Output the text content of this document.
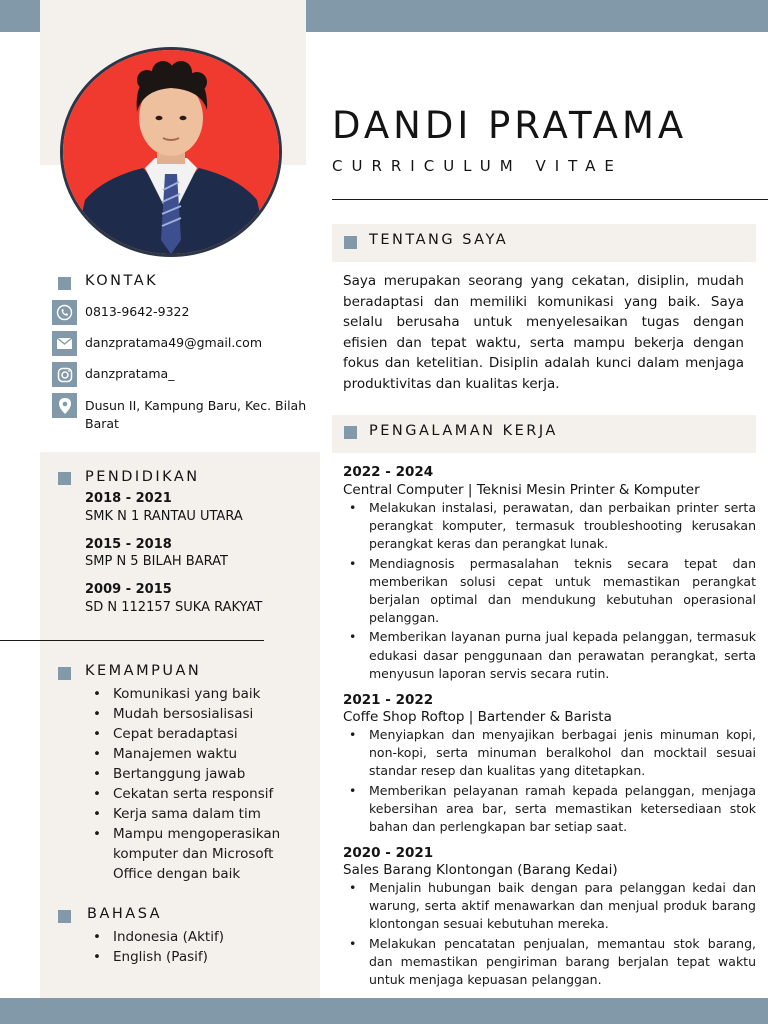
DANDI PRATAMA
CURRICULUM VITAE
KONTAK
0813-9642-9322
danzpratama49@gmail.com
danzpratama_
Dusun II, Kampung Baru, Kec. Bilah Barat
PENDIDIKAN
2018 - 2021
SMK N 1 RANTAU UTARA
2015 - 2018
SMP N 5 BILAH BARAT
2009 - 2015
SD N 112157 SUKA RAKYAT
KEMAMPUAN
• Komunikasi yang baik
• Mudah bersosialisasi
• Cepat beradaptasi
• Manajemen waktu
• Bertanggung jawab
• Cekatan serta responsif
• Kerja sama dalam tim
• Mampu mengoperasikan komputer dan Microsoft Office dengan baik
BAHASA
• Indonesia (Aktif)
• English (Pasif)
TENTANG SAYA
Saya merupakan seorang yang cekatan, disiplin, mudah beradaptasi dan memiliki komunikasi yang baik. Saya selalu berusaha untuk menyelesaikan tugas dengan efisien dan tepat waktu, serta mampu bekerja dengan fokus dan ketelitian. Disiplin adalah kunci dalam menjaga produktivitas dan kualitas kerja.
PENGALAMAN KERJA
2022 - 2024
Central Computer | Teknisi Mesin Printer & Komputer
• Melakukan instalasi, perawatan, dan perbaikan printer serta perangkat komputer, termasuk troubleshooting kerusakan perangkat keras dan perangkat lunak.
• Mendiagnosis permasalahan teknis secara tepat dan memberikan solusi cepat untuk memastikan perangkat berjalan optimal dan mendukung kebutuhan operasional pelanggan.
• Memberikan layanan purna jual kepada pelanggan, termasuk edukasi dasar penggunaan dan perawatan perangkat, serta menyusun laporan servis secara rutin.
2021 - 2022
Coffe Shop Roftop | Bartender & Barista
• Menyiapkan dan menyajikan berbagai jenis minuman kopi, non-kopi, serta minuman beralkohol dan mocktail sesuai standar resep dan kualitas yang ditetapkan.
• Memberikan pelayanan ramah kepada pelanggan, menjaga kebersihan area bar, serta memastikan ketersediaan stok bahan dan perlengkapan bar setiap saat.
2020 - 2021
Sales Barang Klontongan (Barang Kedai)
• Menjalin hubungan baik dengan para pelanggan kedai dan warung, serta aktif menawarkan dan menjual produk barang klontongan sesuai kebutuhan mereka.
• Melakukan pencatatan penjualan, memantau stok barang, dan memastikan pengiriman barang berjalan tepat waktu untuk menjaga kepuasan pelanggan.
